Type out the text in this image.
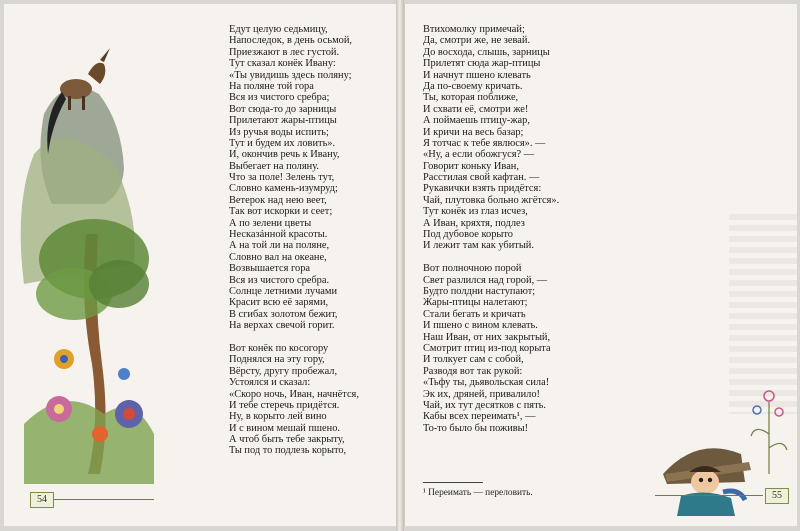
Едут целую седьмицу,
Напоследок, в день осьмой,
Приезжают в лес густой.
Тут сказал конёк Ивану:
«Ты увидишь здесь поляну;
На поляне той гора
Вся из чистого сребра;
Вот сюда-то до зарницы
Прилетают жары-птицы
Из ручья воды испить;
Тут и будем их ловить».
И, окончив речь к Ивану,
Выбегает на поляну.
Что за поле! Зелень тут,
Словно камень-изумруд;
Ветерок над нею веет,
Так вот искорки и сеет;
А по зелени цветы
Несказáнной красоты.
А на той ли на поляне,
Словно вал на океане,
Возвышается гора
Вся из чистого сребра.
Солнце летними лучами
Красит всю её зарями,
В сгибах золотом бежит,
На верхах свечой горит.
Вот конёк по косогору
Поднялся на эту гору,
Вёрсту, другу пробежал,
Устоялся и сказал:
«Скоро ночь, Иван, начнётся,
И тебе стеречь придётся.
Ну, в корыто лей вино
И с вином мешай пшено.
А чтоб быть тебе закрыту,
Ты под то подлезь корыто,
54
Втихомолку примечай;
Да, смотри же, не зевай.
До восхода, слышь, зарницы
Прилетят сюда жар-птицы
И начнут пшено клевать
Да по-своему кричать.
Ты, которая поближе,
И схвати её, смотри же!
А поймаешь птицу-жар,
И кричи на весь базар;
Я тотчас к тебе явлюся». —
«Ну, а если обожгуся? —
Говорит коньку Иван,
Расстилая свой кафтан. —
Рукавички взять придётся:
Чай, плутовка больно жгётся».
Тут конёк из глаз исчез,
А Иван, кряхтя, подлез
Под дубовое корыто
И лежит там как убитый.
Вот полночною порой
Свет разлился над горой, —
Будто полдни наступают;
Жары-птицы налетают;
Стали бегать и кричать
И пшено с вином клевать.
Наш Иван, от них закрытый,
Смотрит птиц из-под корыта
И толкует сам с собой,
Разводя вот так рукой:
«Тьфу ты, дьявольская сила!
Эк их, дряней, привалило!
Чай, их тут десятков с пять.
Кабы всех переимать¹, —
То-то было бы поживы!
¹ Переимать — переловить.	55
